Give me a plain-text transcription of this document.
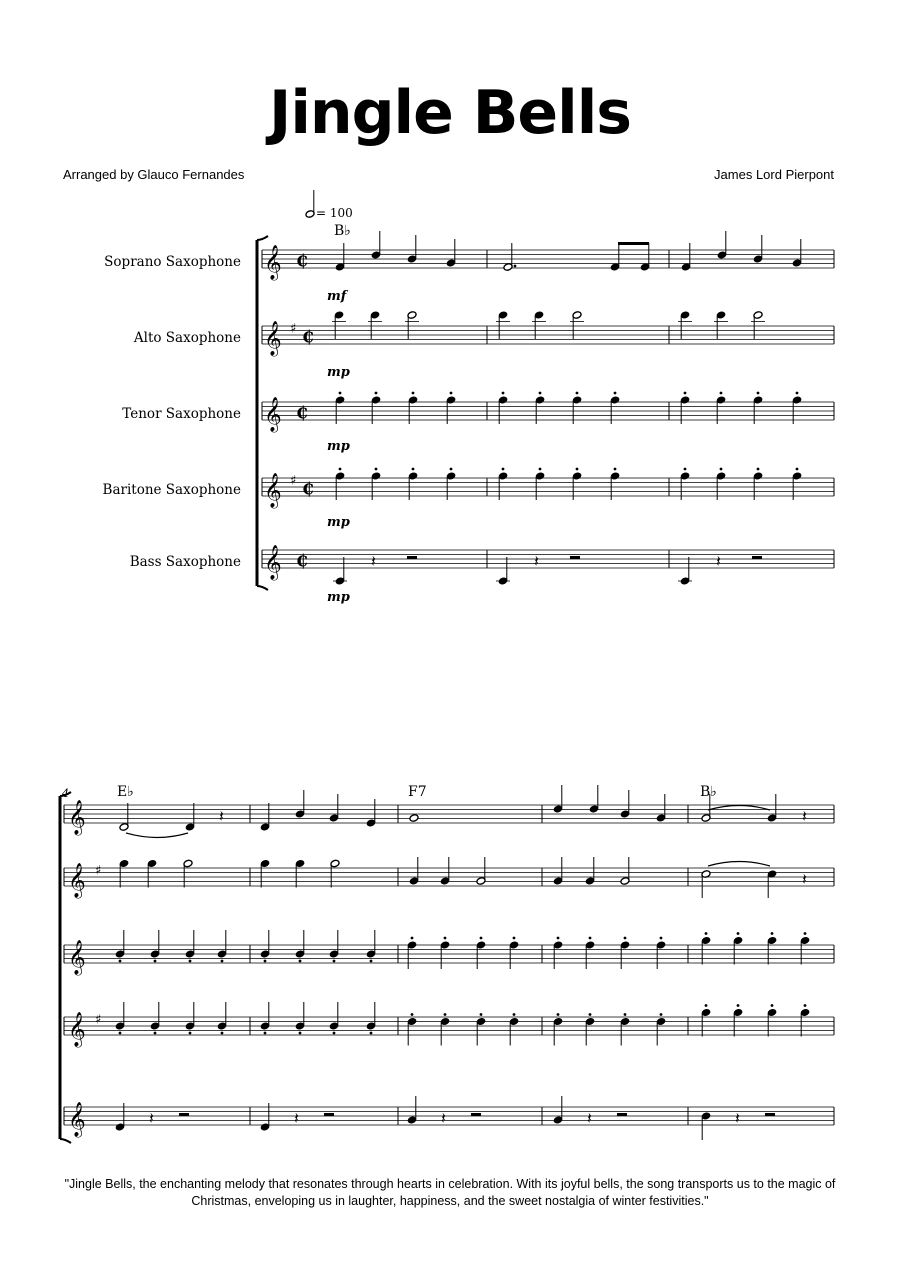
Jingle Bells
Arranged by Glauco Fernandes	James Lord Pierpont
𝄞 ₵
Soprano Saxophone
𝄞 ♯ ₵
Alto Saxophone
𝄞 ₵
Tenor Saxophone
𝄞 ♯ ₵
Baritone Saxophone
𝄞 ₵
Bass Saxophone
= 100
B♭
mf
mp
mp
mp
𝄽	𝄽	𝄽
mp
4	E♭	F7	B♭
𝄞
𝄞 ♯
𝄞
𝄞 ♯
𝄞
𝄽	𝄽
𝄽
𝄽	𝄽	𝄽	𝄽	𝄽
"Jingle Bells, the enchanting melody that resonates through hearts in celebration. With its joyful bells, the song transports us to the magic of Christmas, enveloping us in laughter, happiness, and the sweet nostalgia of winter festivities."
